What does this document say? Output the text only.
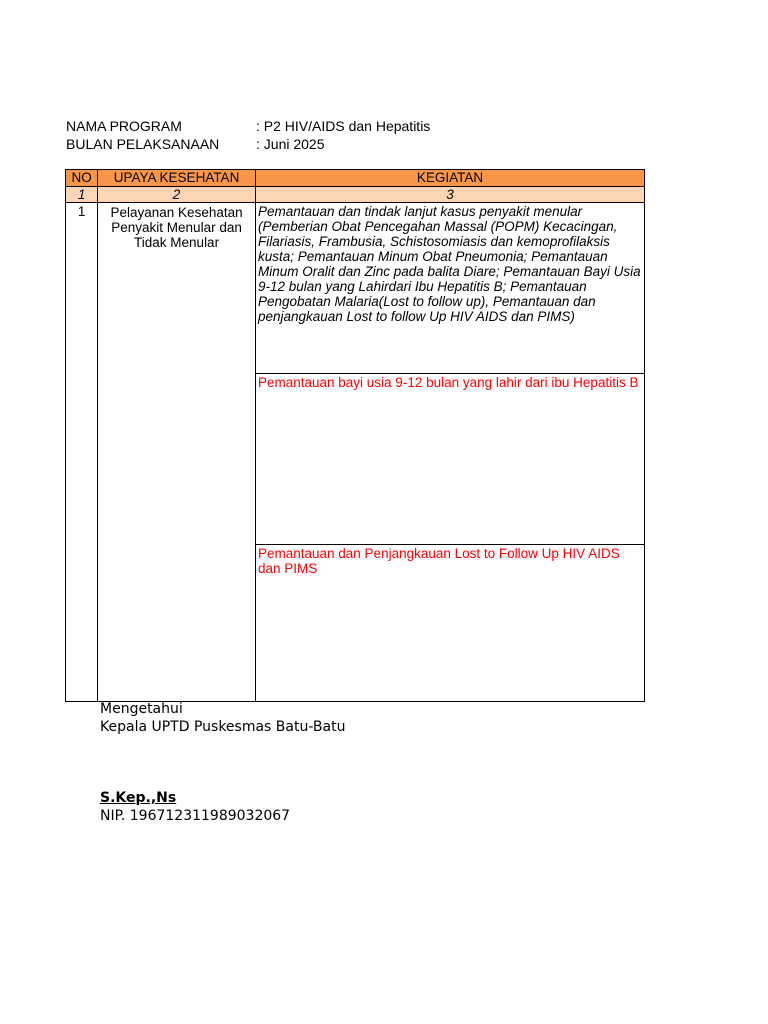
NAMA PROGRAM	: P2 HIV/AIDS dan Hepatitis
BULAN PELAKSANAAN	: Juni 2025
NO	UPAYA KESEHATAN	KEGIATAN
1	2	3
1	Pelayanan Kesehatan Penyakit Menular dan Tidak Menular	Pemantauan dan tindak lanjut kasus penyakit menular (Pemberian Obat Pencegahan Massal (POPM) Kecacingan, Filariasis, Frambusia, Schistosomiasis dan kemoprofilaksis kusta; Pemantauan Minum Obat Pneumonia; Pemantauan Minum Oralit dan Zinc pada balita Diare; Pemantauan Bayi Usia 9-12 bulan yang Lahirdari Ibu Hepatitis B; Pemantauan Pengobatan Malaria(Lost to follow up), Pemantauan dan penjangkauan Lost to follow Up HIV AIDS dan PIMS)
		Pemantauan bayi usia 9-12 bulan yang lahir dari ibu Hepatitis B
		Pemantauan dan Penjangkauan Lost to Follow Up HIV AIDS dan PIMS
Mengetahui
Kepala UPTD Puskesmas Batu-Batu
S.Kep.,Ns
NIP. 196712311989032067
